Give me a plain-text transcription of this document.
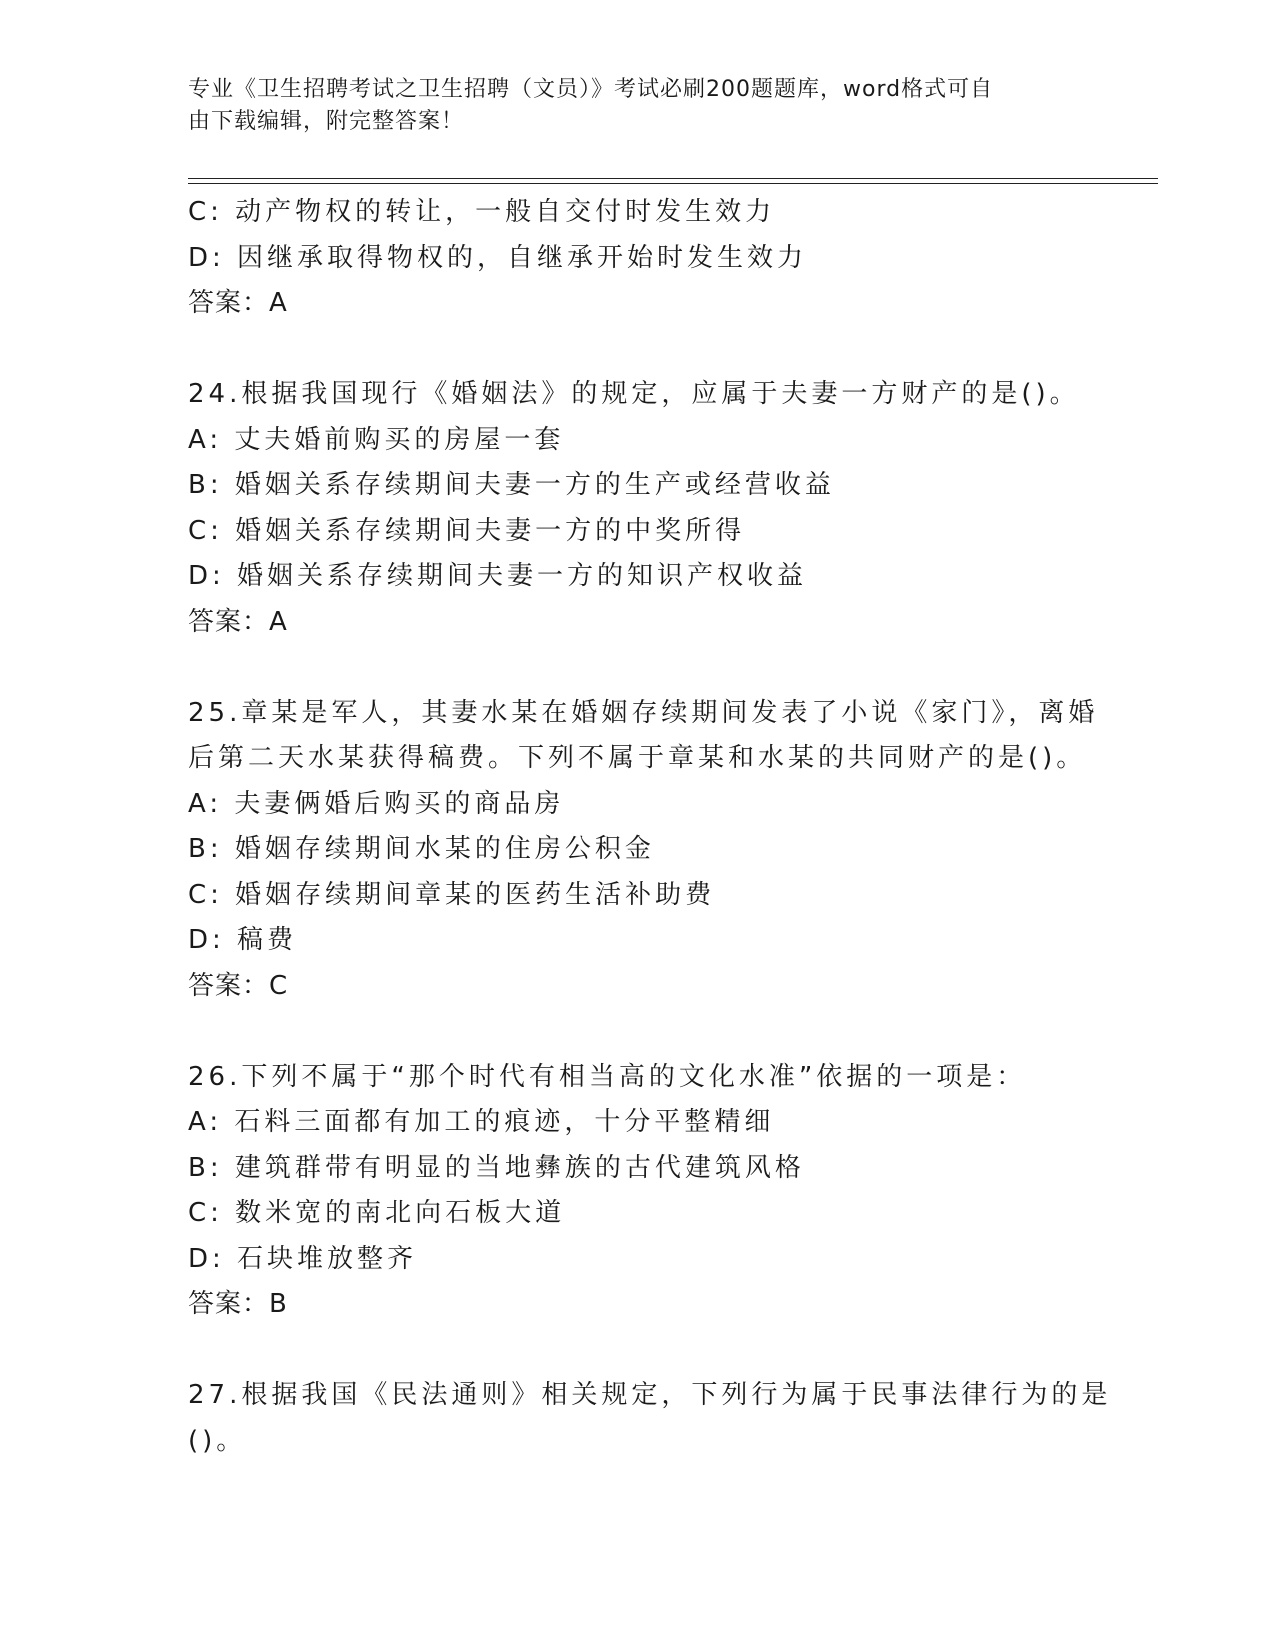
专业《卫生招聘考试之卫生招聘（文员）》考试必刷200题题库，word格式可自
由下载编辑，附完整答案！
C: 动产物权的转让，一般自交付时发生效力
D: 因继承取得物权的，自继承开始时发生效力
答案：A
24.根据我国现行《婚姻法》的规定，应属于夫妻一方财产的是()。
A: 丈夫婚前购买的房屋一套
B: 婚姻关系存续期间夫妻一方的生产或经营收益
C: 婚姻关系存续期间夫妻一方的中奖所得
D: 婚姻关系存续期间夫妻一方的知识产权收益
答案：A
25.章某是军人，其妻水某在婚姻存续期间发表了小说《家门》，离婚
后第二天水某获得稿费。下列不属于章某和水某的共同财产的是()。
A: 夫妻俩婚后购买的商品房
B: 婚姻存续期间水某的住房公积金
C: 婚姻存续期间章某的医药生活补助费
D: 稿费
答案：C
26.下列不属于“那个时代有相当高的文化水准”依据的一项是：
A: 石料三面都有加工的痕迹，十分平整精细
B: 建筑群带有明显的当地彝族的古代建筑风格
C: 数米宽的南北向石板大道
D: 石块堆放整齐
答案：B
27.根据我国《民法通则》相关规定，下列行为属于民事法律行为的是
()。
